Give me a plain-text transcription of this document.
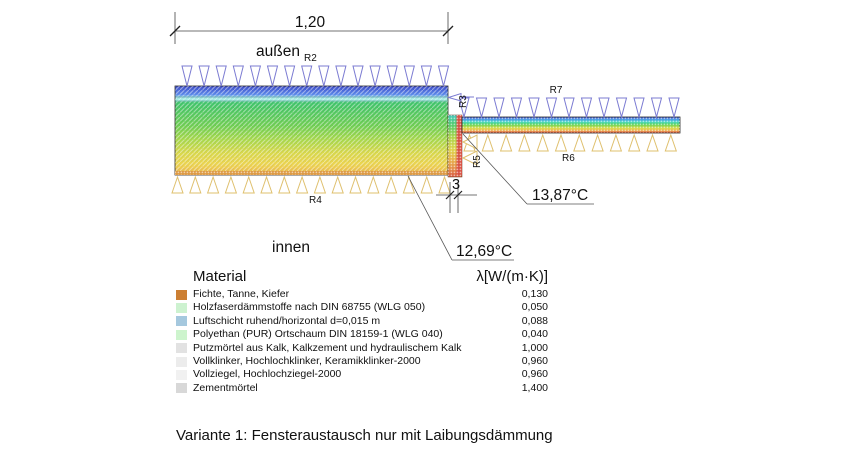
1,20
außen
innen
R2
R7
R4
R6
R3
R5
3
13,87°C
12,69°C
Material	λ[W/(m·K)]
Fichte, Tanne, Kiefer	0,130
Holzfaserdämmstoffe nach DIN 68755 (WLG 050)	0,050
Luftschicht ruhend/horizontal d=0,015 m	0,088
Polyethan (PUR) Ortschaum DIN 18159-1 (WLG 040)	0,040
Putzmörtel aus Kalk, Kalkzement und hydraulischem Kalk	1,000
Vollklinker, Hochlochklinker, Keramikklinker-2000	0,960
Vollziegel, Hochlochziegel-2000	0,960
Zementmörtel	1,400
Variante 1: Fensteraustausch nur mit Laibungsdämmung
